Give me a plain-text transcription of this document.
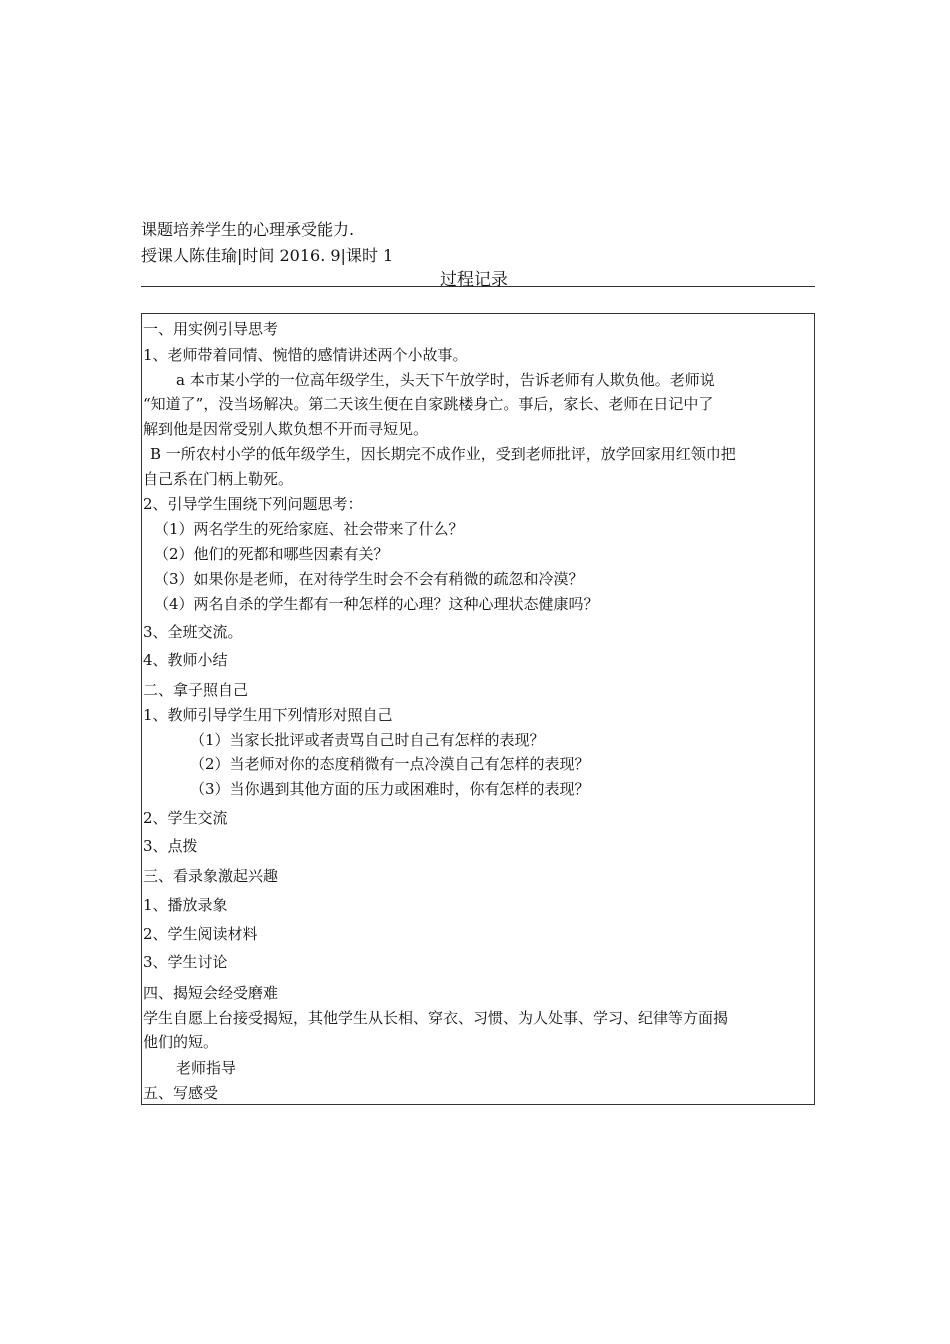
课题培养学生的心理承受能力.
授课人陈佳瑜|时间 2016. 9|课时 1
过程记录
一、用实例引导思考
1、老师带着同情、惋惜的感情讲述两个小故事。
a 本市某小学的一位高年级学生，头天下午放学时，告诉老师有人欺负他。老师说
“知道了”，没当场解决。第二天该生便在自家跳楼身亡。事后，家长、老师在日记中了
解到他是因常受别人欺负想不开而寻短见。
B 一所农村小学的低年级学生，因长期完不成作业，受到老师批评，放学回家用红领巾把
自己系在门柄上勒死。
2、引导学生围绕下列问题思考：
（1）两名学生的死给家庭、社会带来了什么？
（2）他们的死都和哪些因素有关？
（3）如果你是老师，在对待学生时会不会有稍微的疏忽和冷漠？
（4）两名自杀的学生都有一种怎样的心理？这种心理状态健康吗？
3、全班交流。
4、教师小结
二、拿子照自己
1、教师引导学生用下列情形对照自己
（1）当家长批评或者责骂自己时自己有怎样的表现？
（2）当老师对你的态度稍微有一点冷漠自己有怎样的表现？
（3）当你遇到其他方面的压力或困难时，你有怎样的表现？
2、学生交流
3、点拨
三、看录象激起兴趣
1、播放录象
2、学生阅读材料
3、学生讨论
四、揭短会经受磨难
学生自愿上台接受揭短，其他学生从长相、穿衣、习惯、为人处事、学习、纪律等方面揭
他们的短。
老师指导
五、写感受
